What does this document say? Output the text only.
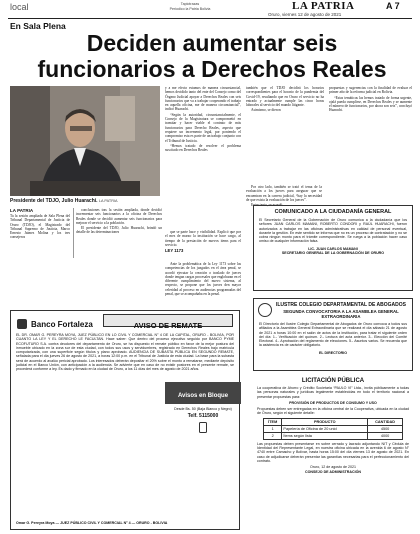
local	Tapiotrazas
Periodico la Patria Bolivia	LA PATRIA
Oruro, viernes 12 de agosto de 2021
A 7
En Sala Plena
Deciden aumentar seis
funcionarios a Derechos Reales
Presidente del TDJO, Julio Huarachi. LA PATRIA
LA PATRIA

Ta la sesión ampliada de Sala Plena del Tribunal Departamental de Justicia de Oruro (TDJO), el Magistrado del Tribunal Supremo de Justicia, Marco Ernesto Jaimes Molina y los tres consejeros

conclusiones tras la sesión ampliada, donde decidió incrementar seis funcionarios a la oficina de Derechos Reales donde se decidió aumentar seis funcionarios para mejorar el servicio a la población.

El presidente del TDJO, Julio Huarachi, brindó un detalle de las determinaciones

y a me efecto estamos de manera circunstancial, hemos decidido tanto del ente del Consejo como del Órgano Judicial apoyar a Derechos Reales con seis funcionarios que va a trabajar cooperando el trabajo en aquella oficina, me de manera circunstancial”, indicó Huarachi.

“Según la autoridad, circunstancialmente, el Consejo de la Magistratura se comprometió en tramitar y hacer viable el contrato de más funcionarios para Derecho Reales, aspecto que requiere un incremento legal, por poniendo el compromiso esta es parte de un trabajo conjunto con el Tribunal de Justicia.

“Hemos tratado de resolver el problema suscitado en Derechos Reales

también que el TDJO decidirá los horarios correspondientes para el horario de la pandemia del Covid-19, resultando que en Oruro el servicio no ha entrado y actualmente cumple las cinco horas laborales al servicio del mundo litigante.

Asimismo, se dieron

propuestas y sugerencias con la finalidad de evaluar el primer año de la reforma judicial en Bolivia.

“Estas temáticas las hemos tratado de forma urgente, ojalá pueda cumplirse, en Derechos Reales y se aumente el número de funcionarios, por ahora son seis”, concluyó Huarachi.

que se parte hace y visibilidad. Explicó que por el mes de marzo la institución se hace cargo, al tiempo de la prestación de nuevos items para el servicio.

LEY 1173

Ante la problemática de la Ley 1173 sobre las competencias de los juzgados en el área penal, se acordó ejecutar la creación o traslado de jueces donde tengan cargas procesales que englobaran en el diferente cumplimiento del nuevo sistema, al respecto, se propone que los jueces den mayor celeridad al proceso en audiencias programadas del penal, que se acompañaba en la penal.

Por otro lado, también se trató el tema de la evaluación a los jueces para asegurar que se encuentran en la carrera judicial, “hay la necesidad de que exista la evaluación de los jueces”.

Entre tanto, se acordó

COMUNICADO A LA CIUDADANÍA GENERAL
El Secretario General de la Gobernación de Oruro comunica a la ciudadanía que los señores JUAN CARLOS MAMANI, ROBERTO CONDORI y RAÚL HUARACHI, fueron autorizados a trabajar en las oficinas administrativas en calidad de personal eventual, durante la gestión. En este sentido se informa que no es un proceso de contratación y no se cobra ningún monto para el trámite correspondiente. Se ruega a la población hacer caso omiso de cualquier información falsa.
LIC. JUAN CARLOS MAMANI
SECRETARIO GENERAL DE LA GOBERNACIÓN DE ORURO
Banco Fortaleza	AVISO DE REMATE
EL DR. OMAR G. PEREYRA MOYA, JUEZ PÚBLICO EN LO CIVIL Y COMERCIAL N° 4 DE LA CAPITAL, ORURO - BOLIVIA, POR CUANTO LA LEY Y EL DERECHO LE FACULTAN. Hace saber: Que dentro del proceso ejecutivo seguido por BANCO PYME ECOFUTURO S.A. contra deudores del departamento de Oruro, se ha dispuesto el remate público en favor de la mejor postura del inmueble ubicado en la zona sur de esta ciudad, con todos sus usos y servidumbres, registrado en Derechos Reales bajo matrícula computarizada, con una superficie según títulos y plano aprobado. AUDIENCIA DE SUBASTA PÚBLICA EN SEGUNDO REMATE, señalada para el día jueves 26 de agosto de 2021, a horas 12:00 p.m. en el Tribunal de Justicia de esta ciudad. La base para la subasta será de acuerdo al avalúo pericial aprobado. Los interesados deberán depositar el 20% sobre el monto a rematarse, mediante depósito judicial en el Banco Unión, con anticipación a la audiencia. Se advierte que en caso de no existir postores en el presente remate, se procederá conforme a ley. Es dado y firmado en la ciudad de Oruro, a los 11 días del mes de agosto de 2021 años.
Omar G. Pereyra Moya — JUEZ PÚBLICO CIVIL Y COMERCIAL N° 4 — ORURO - BOLIVIA
Avisos en Bloque
Desde Bs. 50 (Baja Blanco y Negro)
Telf. 5115000
ILUSTRE COLEGIO DEPARTAMENTAL DE ABOGADOS
SEGUNDA CONVOCATORIA A LA ASAMBLEA GENERAL EXTRAORDINARIA
El Directorio del Ilustre Colegio Departamental de Abogados de Oruro convoca a todos sus afiliados a la Asamblea General Extraordinaria que se realizará el día sábado 21 de agosto de 2021 a horas 10:00 en el salón de actos de la institución, para tratar el siguiente orden del día: 1.- Verificación del quórum. 2.- Lectura del acta anterior. 3.- Elección del Comité Electoral. 4.- Aprobación del reglamento de elecciones. 5.- Asuntos varios. Se recuerda que la asistencia es de carácter obligatorio.
EL DIRECTORIO
LICITACIÓN PÚBLICA
La cooperativa de Ahorro y Crédito Societaria “PAULO VI” Ltda., invita públicamente a todas las personas naturales y jurídicas legalmente establecidas en todo el territorio nacional a presentar propuestas para:
PROVISIÓN DE PRODUCTOS DE CONSUMO Y USO
Propuestas deben ser entregadas en la oficina central de la Cooperativa, ubicada en la ciudad de Oruro, según el siguiente detalle:
ÍTEM	PRODUCTO	CANTIDAD
1	Papelería de Oficina de 20 unid	4500
2	Ítems según lista	4000
Las propuestas deben presentarse en sobre cerrado y lacrado adjuntando NIT y Cédula de Identidad del Representante Legal, en nuestra oficina ubicada en la avenida 6 de agosto N° 4740 entre Camacho y Bolívar, hasta horas 15:00 del día viernes 13 de agosto de 2021. En caso de adjudicarse deberán presentar las garantías necesarias para el perfeccionamiento del contrato.
Oruro, 12 de agosto de 2021
CONSEJO DE ADMINISTRACIÓN
